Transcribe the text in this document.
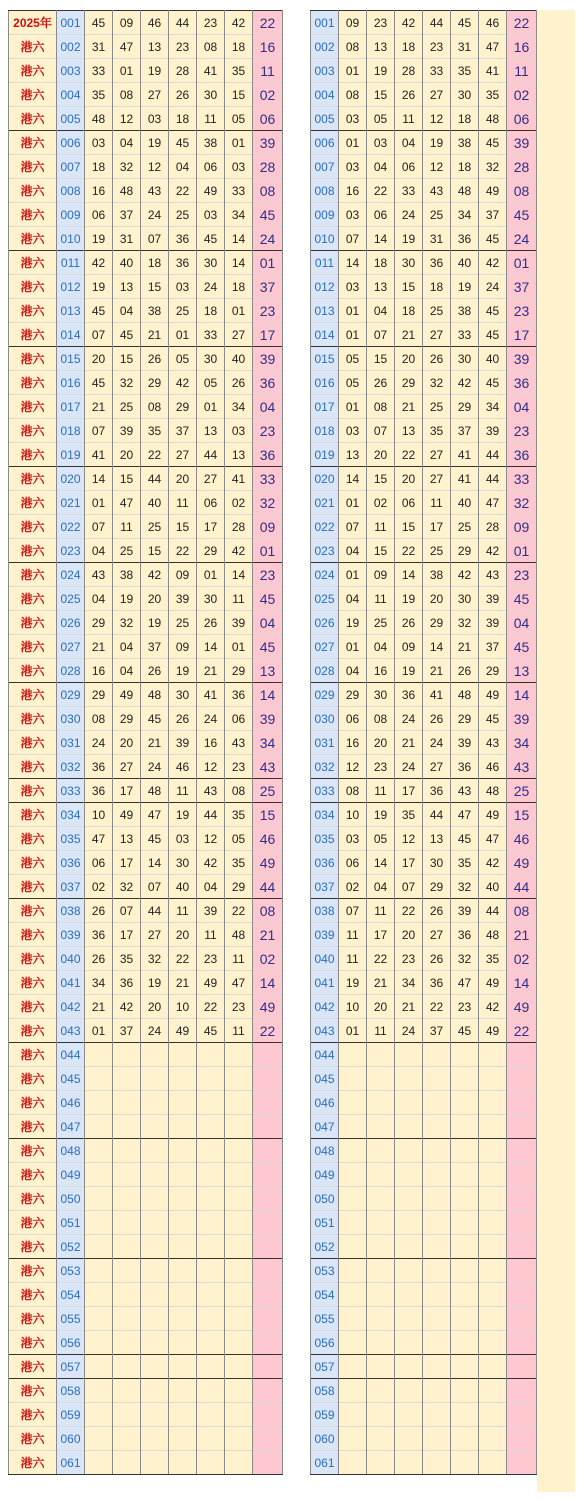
2025年	001	45	09	46	44	23	42	22
港六	002	31	47	13	23	08	18	16
港六	003	33	01	19	28	41	35	11
港六	004	35	08	27	26	30	15	02
港六	005	48	12	03	18	11	05	06
港六	006	03	04	19	45	38	01	39
港六	007	18	32	12	04	06	03	28
港六	008	16	48	43	22	49	33	08
港六	009	06	37	24	25	03	34	45
港六	010	19	31	07	36	45	14	24
港六	011	42	40	18	36	30	14	01
港六	012	19	13	15	03	24	18	37
港六	013	45	04	38	25	18	01	23
港六	014	07	45	21	01	33	27	17
港六	015	20	15	26	05	30	40	39
港六	016	45	32	29	42	05	26	36
港六	017	21	25	08	29	01	34	04
港六	018	07	39	35	37	13	03	23
港六	019	41	20	22	27	44	13	36
港六	020	14	15	44	20	27	41	33
港六	021	01	47	40	11	06	02	32
港六	022	07	11	25	15	17	28	09
港六	023	04	25	15	22	29	42	01
港六	024	43	38	42	09	01	14	23
港六	025	04	19	20	39	30	11	45
港六	026	29	32	19	25	26	39	04
港六	027	21	04	37	09	14	01	45
港六	028	16	04	26	19	21	29	13
港六	029	29	49	48	30	41	36	14
港六	030	08	29	45	26	24	06	39
港六	031	24	20	21	39	16	43	34
港六	032	36	27	24	46	12	23	43
港六	033	36	17	48	11	43	08	25
港六	034	10	49	47	19	44	35	15
港六	035	47	13	45	03	12	05	46
港六	036	06	17	14	30	42	35	49
港六	037	02	32	07	40	04	29	44
港六	038	26	07	44	11	39	22	08
港六	039	36	17	27	20	11	48	21
港六	040	26	35	32	22	23	11	02
港六	041	34	36	19	21	49	47	14
港六	042	21	42	20	10	22	23	49
港六	043	01	37	24	49	45	11	22
港六	044							
港六	045							
港六	046							
港六	047							
港六	048							
港六	049							
港六	050							
港六	051							
港六	052							
港六	053							
港六	054							
港六	055							
港六	056							
港六	057							
港六	058							
港六	059							
港六	060							
港六	061							
001	09	23	42	44	45	46	22
002	08	13	18	23	31	47	16
003	01	19	28	33	35	41	11
004	08	15	26	27	30	35	02
005	03	05	11	12	18	48	06
006	01	03	04	19	38	45	39
007	03	04	06	12	18	32	28
008	16	22	33	43	48	49	08
009	03	06	24	25	34	37	45
010	07	14	19	31	36	45	24
011	14	18	30	36	40	42	01
012	03	13	15	18	19	24	37
013	01	04	18	25	38	45	23
014	01	07	21	27	33	45	17
015	05	15	20	26	30	40	39
016	05	26	29	32	42	45	36
017	01	08	21	25	29	34	04
018	03	07	13	35	37	39	23
019	13	20	22	27	41	44	36
020	14	15	20	27	41	44	33
021	01	02	06	11	40	47	32
022	07	11	15	17	25	28	09
023	04	15	22	25	29	42	01
024	01	09	14	38	42	43	23
025	04	11	19	20	30	39	45
026	19	25	26	29	32	39	04
027	01	04	09	14	21	37	45
028	04	16	19	21	26	29	13
029	29	30	36	41	48	49	14
030	06	08	24	26	29	45	39
031	16	20	21	24	39	43	34
032	12	23	24	27	36	46	43
033	08	11	17	36	43	48	25
034	10	19	35	44	47	49	15
035	03	05	12	13	45	47	46
036	06	14	17	30	35	42	49
037	02	04	07	29	32	40	44
038	07	11	22	26	39	44	08
039	11	17	20	27	36	48	21
040	11	22	23	26	32	35	02
041	19	21	34	36	47	49	14
042	10	20	21	22	23	42	49
043	01	11	24	37	45	49	22
044							
045							
046							
047							
048							
049							
050							
051							
052							
053							
054							
055							
056							
057							
058							
059							
060							
061							
